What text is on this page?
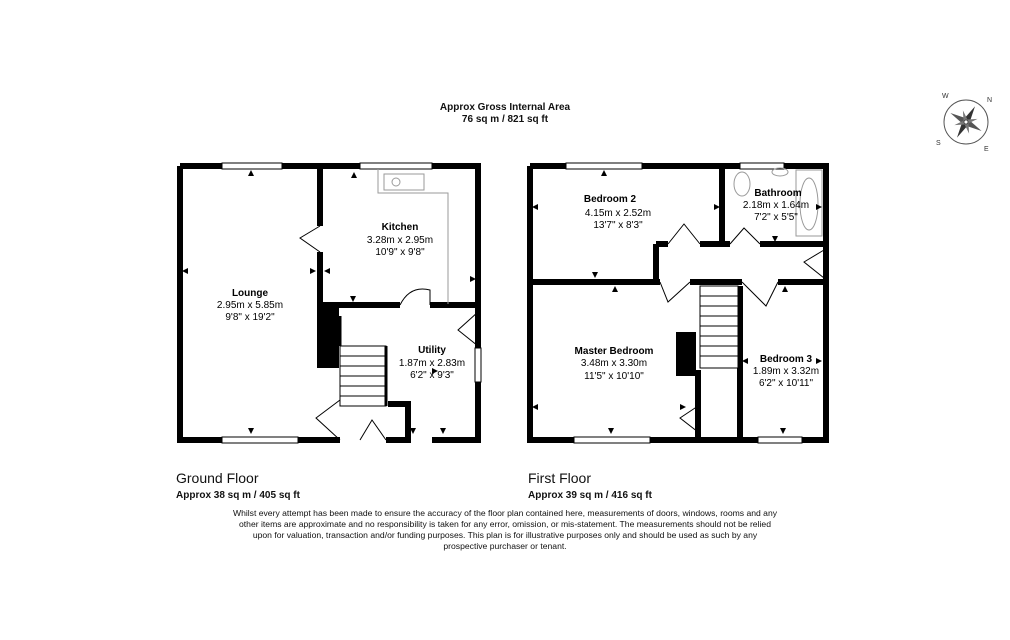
Approx Gross Internal Area
76 sq m / 821 sq ft
W
N
S
E
Lounge
2.95m x 5.85m
9'8" x 19'2"
Kitchen
3.28m x 2.95m
10'9" x 9'8"
Utility
1.87m x 2.83m
6'2" x 9'3"
Bedroom 2
4.15m x 2.52m
13'7" x 8'3"
Bathroom
2.18m x 1.64m
7'2" x 5'5"
Master Bedroom
3.48m x 3.30m
11'5" x 10'10"
Bedroom 3
1.89m x 3.32m
6'2" x 10'11"
Ground Floor
Approx 38 sq m / 405 sq ft
First Floor
Approx 39 sq m / 416 sq ft
Whilst every attempt has been made to ensure the accuracy of the floor plan contained here, measurements of doors, windows, rooms and any other items are approximate and no responsibility is taken for any error, omission, or mis-statement. The measurements should not be relied upon for valuation, transaction and/or funding purposes. This plan is for illustrative purposes only and should be used as such by any prospective purchaser or tenant.
